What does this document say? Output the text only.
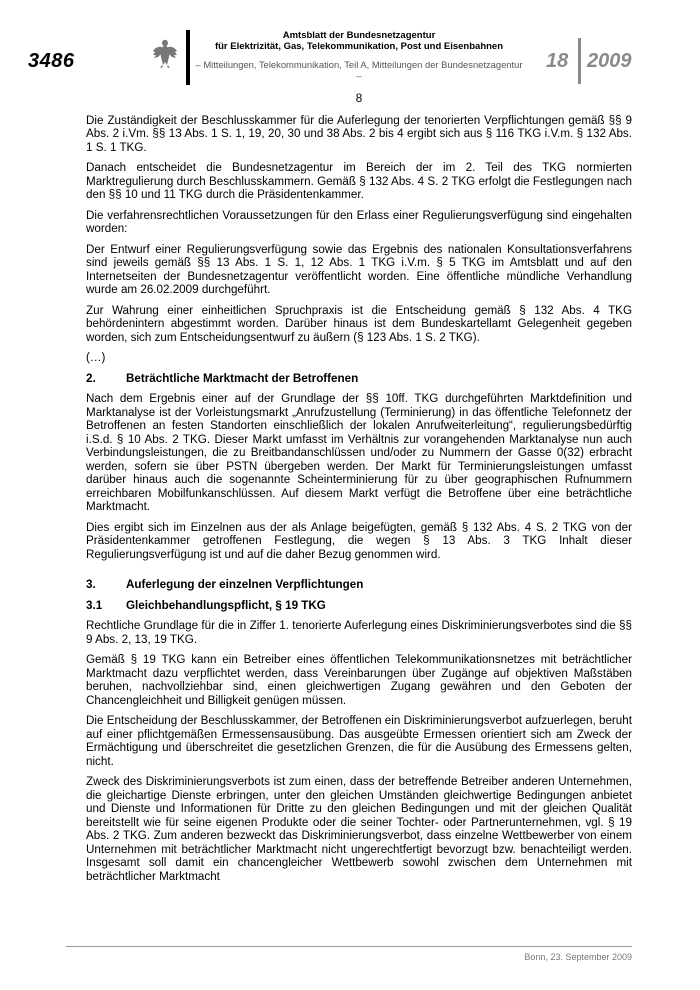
3486
Amtsblatt der Bundesnetzagentur
für Elektrizität, Gas, Telekommunikation, Post und Eisenbahnen
– Mitteilungen, Telekommunikation, Teil A, Mitteilungen der Bundesnetzagentur –
18 2009
8

Die Zuständigkeit der Beschlusskammer für die Auferlegung der tenorierten Verpflichtungen gemäß §§ 9 Abs. 2 i.Vm. §§ 13 Abs. 1 S. 1, 19, 20, 30 und 38 Abs. 2 bis 4 ergibt sich aus § 116 TKG i.V.m. § 132 Abs. 1 S. 1 TKG.

Danach entscheidet die Bundesnetzagentur im Bereich der im 2. Teil des TKG normierten Marktregulierung durch Beschlusskammern. Gemäß § 132 Abs. 4 S. 2 TKG erfolgt die Festlegungen nach den §§ 10 und 11 TKG durch die Präsidentenkammer.

Die verfahrensrechtlichen Voraussetzungen für den Erlass einer Regulierungsverfügung sind eingehalten worden:

Der Entwurf einer Regulierungsverfügung sowie das Ergebnis des nationalen Konsultationsverfahrens sind jeweils gemäß §§ 13 Abs. 1 S. 1, 12 Abs. 1 TKG i.V.m. § 5 TKG im Amtsblatt und auf den Internetseiten der Bundesnetzagentur veröffentlicht worden. Eine öffentliche mündliche Verhandlung wurde am 26.02.2009 durchgeführt.

Zur Wahrung einer einheitlichen Spruchpraxis ist die Entscheidung gemäß § 132 Abs. 4 TKG behördenintern abgestimmt worden. Darüber hinaus ist dem Bundeskartellamt Gelegenheit gegeben worden, sich zum Entscheidungsentwurf zu äußern (§ 123 Abs. 1 S. 2 TKG).

(…)

2.	Beträchtliche Marktmacht der Betroffenen

Nach dem Ergebnis einer auf der Grundlage der §§ 10ff. TKG durchgeführten Marktdefinition und Marktanalyse ist der Vorleistungsmarkt „Anrufzustellung (Terminierung) in das öffentliche Telefonnetz der Betroffenen an festen Standorten einschließlich der lokalen Anrufweiterleitung“, regulierungsbedürftig i.S.d. § 10 Abs. 2 TKG. Dieser Markt umfasst im Verhältnis zur vorangehenden Marktanalyse nun auch Verbindungsleistungen, die zu Breitbandanschlüssen und/oder zu Nummern der Gasse 0(32) erbracht werden, sofern sie über PSTN übergeben werden. Der Markt für Terminierungsleistungen umfasst darüber hinaus auch die sogenannte Scheinterminierung für zu über geographischen Rufnummern erreichbaren Mobilfunkanschlüssen. Auf diesem Markt verfügt die Betroffene über eine beträchtliche Marktmacht.

Dies ergibt sich im Einzelnen aus der als Anlage beigefügten, gemäß § 132 Abs. 4 S. 2 TKG von der Präsidentenkammer getroffenen Festlegung, die wegen § 13 Abs. 3 TKG Inhalt dieser Regulierungsverfügung ist und auf die daher Bezug genommen wird.

3.	Auferlegung der einzelnen Verpflichtungen
3.1	Gleichbehandlungspflicht, § 19 TKG

Rechtliche Grundlage für die in Ziffer 1. tenorierte Auferlegung eines Diskriminierungsverbotes sind die §§ 9 Abs. 2, 13, 19 TKG.

Gemäß § 19 TKG kann ein Betreiber eines öffentlichen Telekommunikationsnetzes mit beträchtlicher Marktmacht dazu verpflichtet werden, dass Vereinbarungen über Zugänge auf objektiven Maßstäben beruhen, nachvollziehbar sind, einen gleichwertigen Zugang gewähren und den Geboten der Chancengleichheit und Billigkeit genügen müssen.

Die Entscheidung der Beschlusskammer, der Betroffenen ein Diskriminierungsverbot aufzuerlegen, beruht auf einer pflichtgemäßen Ermessensausübung. Das ausgeübte Ermessen orientiert sich am Zweck der Ermächtigung und überschreitet die gesetzlichen Grenzen, die für die Ausübung des Ermessens gelten, nicht.

Zweck des Diskriminierungsverbots ist zum einen, dass der betreffende Betreiber anderen Unternehmen, die gleichartige Dienste erbringen, unter den gleichen Umständen gleichwertige Bedingungen anbietet und Dienste und Informationen für Dritte zu den gleichen Bedingungen und mit der gleichen Qualität bereitstellt wie für seine eigenen Produkte oder die seiner Tochter- oder Partnerunternehmen, vgl. § 19 Abs. 2 TKG. Zum anderen bezweckt das Diskriminierungsverbot, dass einzelne Wettbewerber von einem Unternehmen mit beträchtlicher Marktmacht nicht ungerechtfertigt bevorzugt bzw. benachteiligt werden. Insgesamt soll damit ein chancengleicher Wettbewerb sowohl zwischen dem Unternehmen mit beträchtlicher Marktmacht

Bonn, 23. September 2009
